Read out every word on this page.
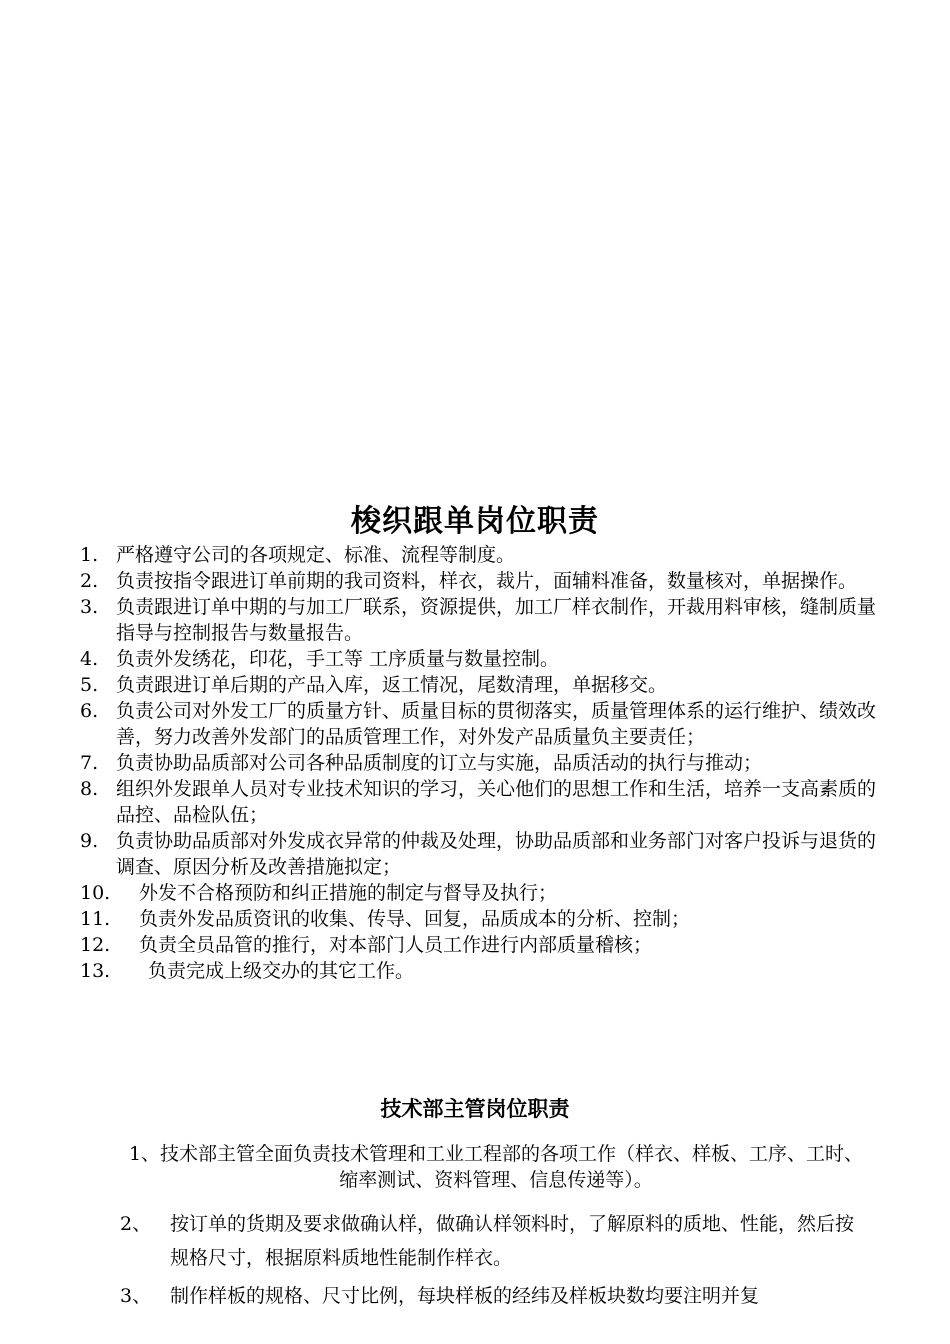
梭织跟单岗位职责
1. 严格遵守公司的各项规定、标准、流程等制度。
2. 负责按指令跟进订单前期的我司资料，样衣，裁片，面辅料准备，数量核对，单据操作。
3. 负责跟进订单中期的与加工厂联系，资源提供，加工厂样衣制作，开裁用料审核，缝制质量指导与控制报告与数量报告。
4. 负责外发绣花，印花，手工等 工序质量与数量控制。
5. 负责跟进订单后期的产品入库，返工情况，尾数清理，单据移交。
6. 负责公司对外发工厂的质量方针、质量目标的贯彻落实，质量管理体系的运行维护、绩效改善，努力改善外发部门的品质管理工作，对外发产品质量负主要责任；
7. 负责协助品质部对公司各种品质制度的订立与实施，品质活动的执行与推动；
8. 组织外发跟单人员对专业技术知识的学习，关心他们的思想工作和生活，培养一支高素质的品控、品检队伍；
9. 负责协助品质部对外发成衣异常的仲裁及处理，协助品质部和业务部门对客户投诉与退货的调查、原因分析及改善措施拟定；
10. 外发不合格预防和纠正措施的制定与督导及执行；
11. 负责外发品质资讯的收集、传导、回复，品质成本的分析、控制；
12. 负责全员品管的推行，对本部门人员工作进行内部质量稽核；
13. 负责完成上级交办的其它工作。
技术部主管岗位职责
1、技术部主管全面负责技术管理和工业工程部的各项工作（样衣、样板、工序、工时、缩率测试、资料管理、信息传递等）。
2、 按订单的货期及要求做确认样，做确认样领料时，了解原料的质地、性能，然后按规格尺寸，根据原料质地性能制作样衣。
3、 制作样板的规格、尺寸比例，每块样板的经纬及样板块数均要注明并复
